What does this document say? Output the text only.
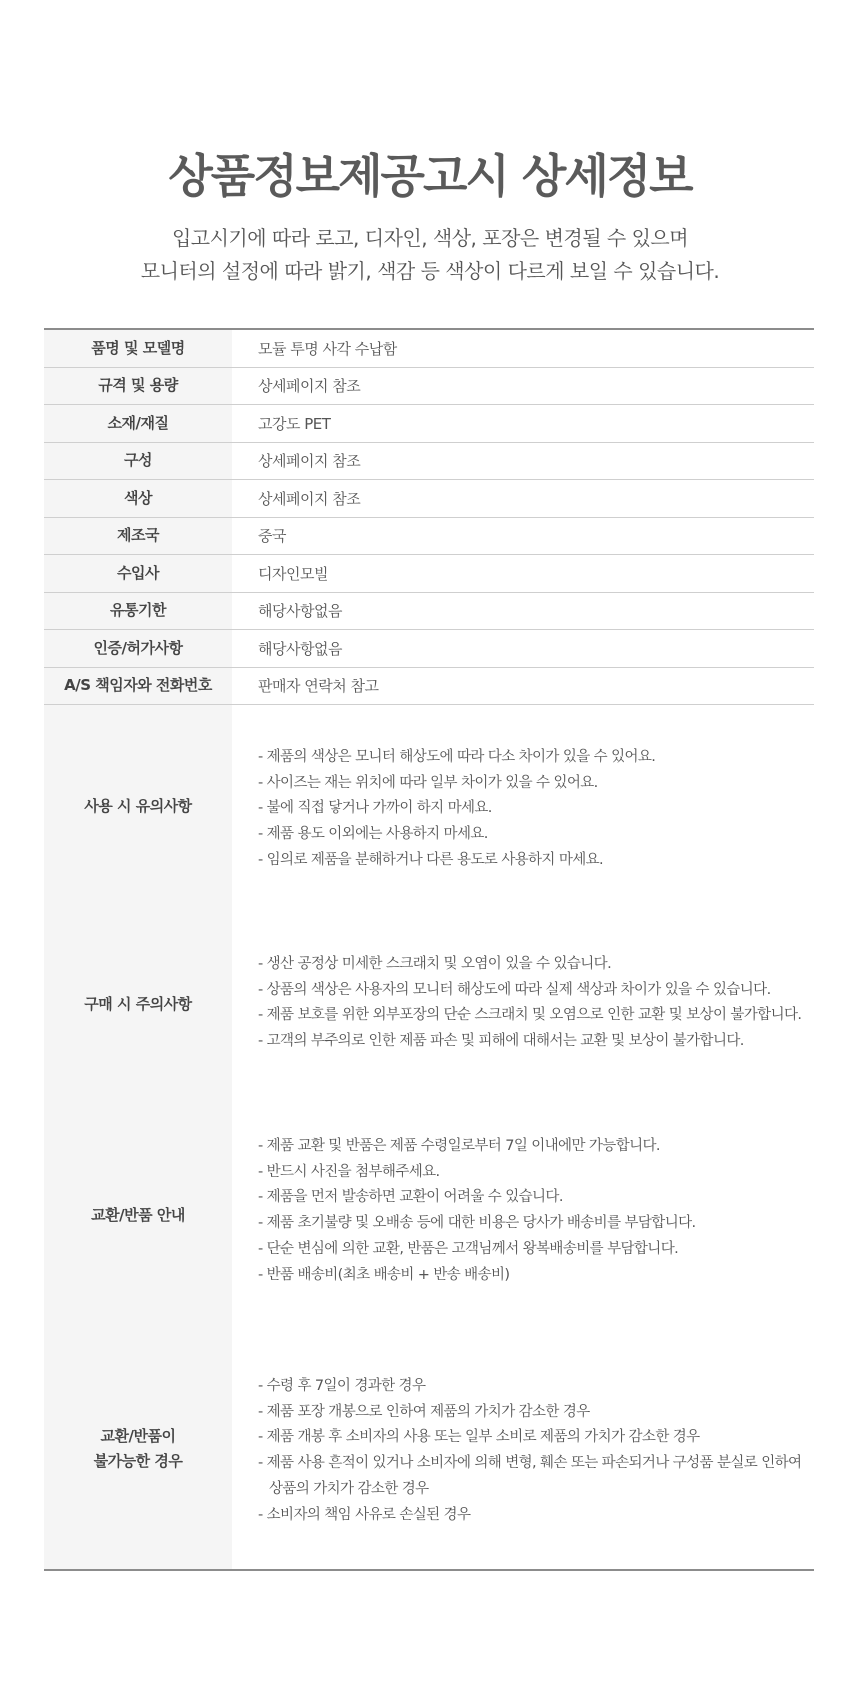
상품정보제공고시 상세정보
입고시기에 따라 로고, 디자인, 색상, 포장은 변경될 수 있으며
모니터의 설정에 따라 밝기, 색감 등 색상이 다르게 보일 수 있습니다.
품명 및 모델명	모듈 투명 사각 수납함
규격 및 용량	상세페이지 참조
소재/재질	고강도 PET
구성	상세페이지 참조
색상	상세페이지 참조
제조국	중국
수입사	디자인모빌
유통기한	해당사항없음
인증/허가사항	해당사항없음
A/S 책임자와 전화번호	판매자 연락처 참고
사용 시 유의사항
- 제품의 색상은 모니터 해상도에 따라 다소 차이가 있을 수 있어요.
- 사이즈는 재는 위치에 따라 일부 차이가 있을 수 있어요.
- 불에 직접 닿거나 가까이 하지 마세요.
- 제품 용도 이외에는 사용하지 마세요.
- 임의로 제품을 분해하거나 다른 용도로 사용하지 마세요.
구매 시 주의사항
- 생산 공정상 미세한 스크래치 및 오염이 있을 수 있습니다.
- 상품의 색상은 사용자의 모니터 해상도에 따라 실제 색상과 차이가 있을 수 있습니다.
- 제품 보호를 위한 외부포장의 단순 스크래치 및 오염으로 인한 교환 및 보상이 불가합니다.
- 고객의 부주의로 인한 제품 파손 및 피해에 대해서는 교환 및 보상이 불가합니다.
교환/반품 안내
- 제품 교환 및 반품은 제품 수령일로부터 7일 이내에만 가능합니다.
- 반드시 사진을 첨부해주세요.
- 제품을 먼저 발송하면 교환이 어려울 수 있습니다.
- 제품 초기불량 및 오배송 등에 대한 비용은 당사가 배송비를 부담합니다.
- 단순 변심에 의한 교환, 반품은 고객님께서 왕복배송비를 부담합니다.
- 반품 배송비(최초 배송비 + 반송 배송비)
교환/반품이
불가능한 경우
- 수령 후 7일이 경과한 경우
- 제품 포장 개봉으로 인하여 제품의 가치가 감소한 경우
- 제품 개봉 후 소비자의 사용 또는 일부 소비로 제품의 가치가 감소한 경우
- 제품 사용 흔적이 있거나 소비자에 의해 변형, 훼손 또는 파손되거나 구성품 분실로 인하여
상품의 가치가 감소한 경우
- 소비자의 책임 사유로 손실된 경우
